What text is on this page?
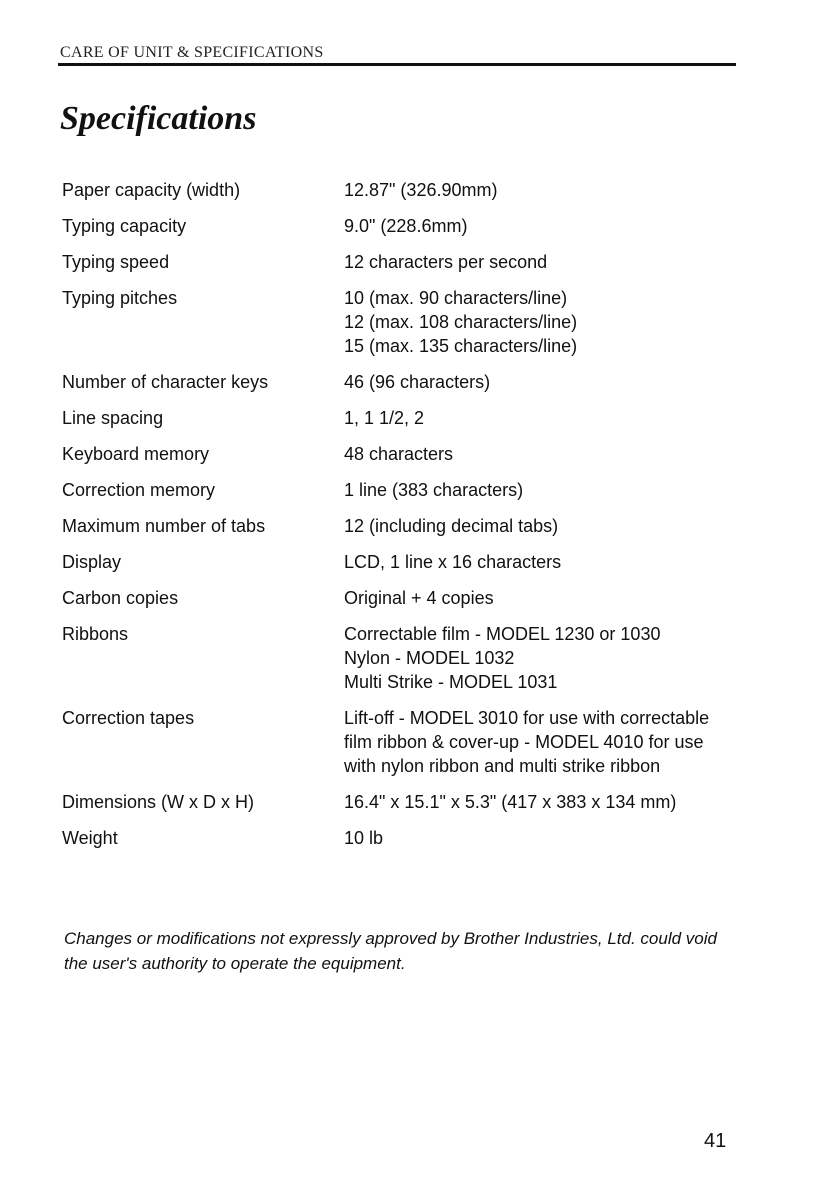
CARE OF UNIT & SPECIFICATIONS
Specifications
Paper capacity (width)	12.87" (326.90mm)
Typing capacity	9.0" (228.6mm)
Typing speed	12 characters per second
Typing pitches	10 (max. 90 characters/line)
12 (max. 108 characters/line)
15 (max. 135 characters/line)
Number of character keys	46 (96 characters)
Line spacing	1, 1 1/2, 2
Keyboard memory	48 characters
Correction memory	1 line (383 characters)
Maximum number of tabs	12 (including decimal tabs)
Display	LCD, 1 line x 16 characters
Carbon copies	Original + 4 copies
Ribbons	Correctable film - MODEL 1230 or 1030
Nylon - MODEL 1032
Multi Strike - MODEL 1031
Correction tapes	Lift-off - MODEL 3010 for use with correctable
film ribbon & cover-up - MODEL 4010 for use
with nylon ribbon and multi strike ribbon
Dimensions (W x D x H)	16.4" x 15.1" x 5.3" (417 x 383 x 134 mm)
Weight	10 lb
Changes or modifications not expressly approved by Brother Industries, Ltd. could void the user's authority to operate the equipment.
41
